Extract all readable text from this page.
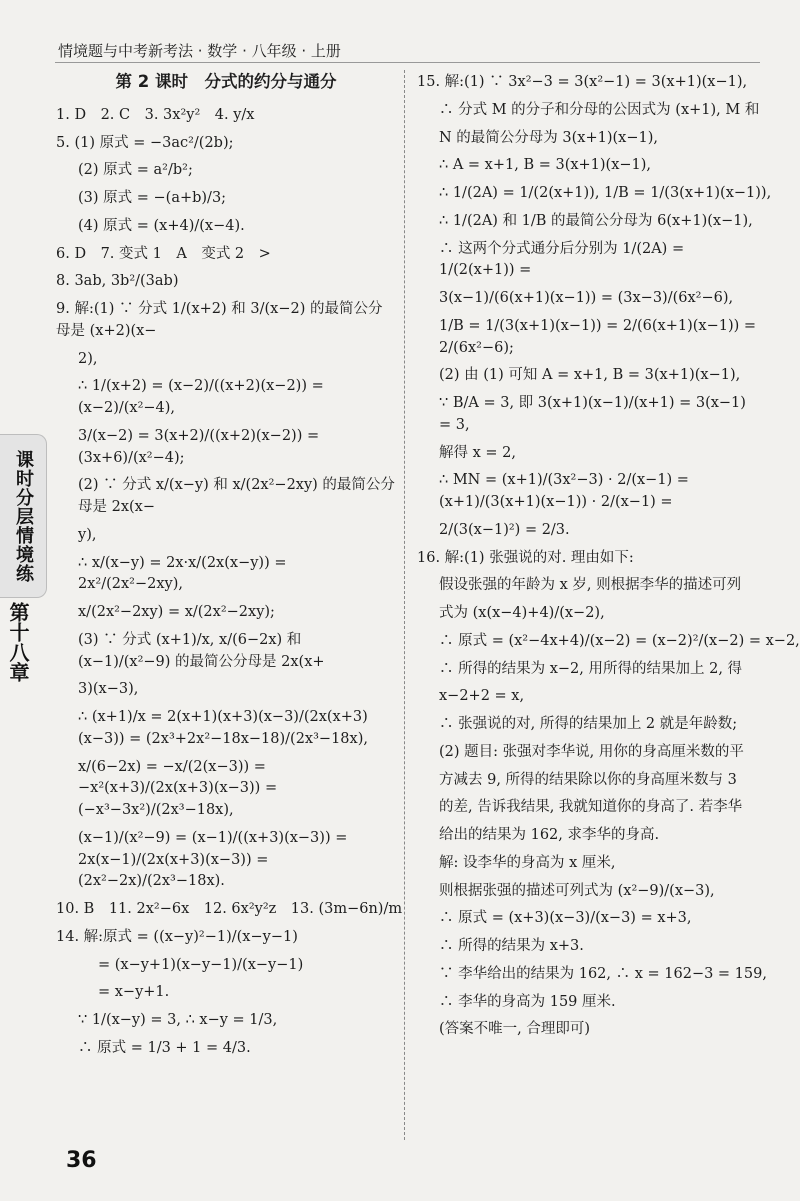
情境题与中考新考法 · 数学 · 八年级 · 上册
课时分层情境练
第十八章
第 2 课时　分式的约分与通分
1. D　2. C　3. 3x²y²　4. y/x
5. (1) 原式 = −3ac²/(2b);
(2) 原式 = a²/b²;
(3) 原式 = −(a+b)/3;
(4) 原式 = (x+4)/(x−4).
6. D　7. 变式 1　A　变式 2　>
8. 3ab, 3b²/(3ab)
9. 解:(1) ∵ 分式 1/(x+2) 和 3/(x−2) 的最简公分母是 (x+2)(x−
2),
∴ 1/(x+2) = (x−2)/((x+2)(x−2)) = (x−2)/(x²−4),
3/(x−2) = 3(x+2)/((x+2)(x−2)) = (3x+6)/(x²−4);
(2) ∵ 分式 x/(x−y) 和 x/(2x²−2xy) 的最简公分母是 2x(x−
y),
∴ x/(x−y) = 2x·x/(2x(x−y)) = 2x²/(2x²−2xy),
x/(2x²−2xy) = x/(2x²−2xy);
(3) ∵ 分式 (x+1)/x, x/(6−2x) 和 (x−1)/(x²−9) 的最简公分母是 2x(x+
3)(x−3),
∴ (x+1)/x = 2(x+1)(x+3)(x−3)/(2x(x+3)(x−3)) = (2x³+2x²−18x−18)/(2x³−18x),
x/(6−2x) = −x/(2(x−3)) = −x²(x+3)/(2x(x+3)(x−3)) = (−x³−3x²)/(2x³−18x),
(x−1)/(x²−9) = (x−1)/((x+3)(x−3)) = 2x(x−1)/(2x(x+3)(x−3)) = (2x²−2x)/(2x³−18x).
10. B　11. 2x²−6x　12. 6x²y²z　13. (3m−6n)/m
14. 解:原式 = ((x−y)²−1)/(x−y−1)
= (x−y+1)(x−y−1)/(x−y−1)
= x−y+1.
∵ 1/(x−y) = 3, ∴ x−y = 1/3,
∴ 原式 = 1/3 + 1 = 4/3.
15. 解:(1) ∵ 3x²−3 = 3(x²−1) = 3(x+1)(x−1),
∴ 分式 M 的分子和分母的公因式为 (x+1), M 和
N 的最简公分母为 3(x+1)(x−1),
∴ A = x+1, B = 3(x+1)(x−1),
∴ 1/(2A) = 1/(2(x+1)), 1/B = 1/(3(x+1)(x−1)),
∴ 1/(2A) 和 1/B 的最简公分母为 6(x+1)(x−1),
∴ 这两个分式通分后分别为 1/(2A) = 1/(2(x+1)) =
3(x−1)/(6(x+1)(x−1)) = (3x−3)/(6x²−6),
1/B = 1/(3(x+1)(x−1)) = 2/(6(x+1)(x−1)) = 2/(6x²−6);
(2) 由 (1) 可知 A = x+1, B = 3(x+1)(x−1),
∵ B/A = 3, 即 3(x+1)(x−1)/(x+1) = 3(x−1) = 3,
解得 x = 2,
∴ MN = (x+1)/(3x²−3) · 2/(x−1) = (x+1)/(3(x+1)(x−1)) · 2/(x−1) =
2/(3(x−1)²) = 2/3.
16. 解:(1) 张强说的对. 理由如下:
假设张强的年龄为 x 岁, 则根据李华的描述可列
式为 (x(x−4)+4)/(x−2),
∴ 原式 = (x²−4x+4)/(x−2) = (x−2)²/(x−2) = x−2,
∴ 所得的结果为 x−2, 用所得的结果加上 2, 得
x−2+2 = x,
∴ 张强说的对, 所得的结果加上 2 就是年龄数;
(2) 题目: 张强对李华说, 用你的身高厘米数的平
方减去 9, 所得的结果除以你的身高厘米数与 3
的差, 告诉我结果, 我就知道你的身高了. 若李华
给出的结果为 162, 求李华的身高.
解: 设李华的身高为 x 厘米,
则根据张强的描述可列式为 (x²−9)/(x−3),
∴ 原式 = (x+3)(x−3)/(x−3) = x+3,
∴ 所得的结果为 x+3.
∵ 李华给出的结果为 162, ∴ x = 162−3 = 159,
∴ 李华的身高为 159 厘米.
(答案不唯一, 合理即可)
36
